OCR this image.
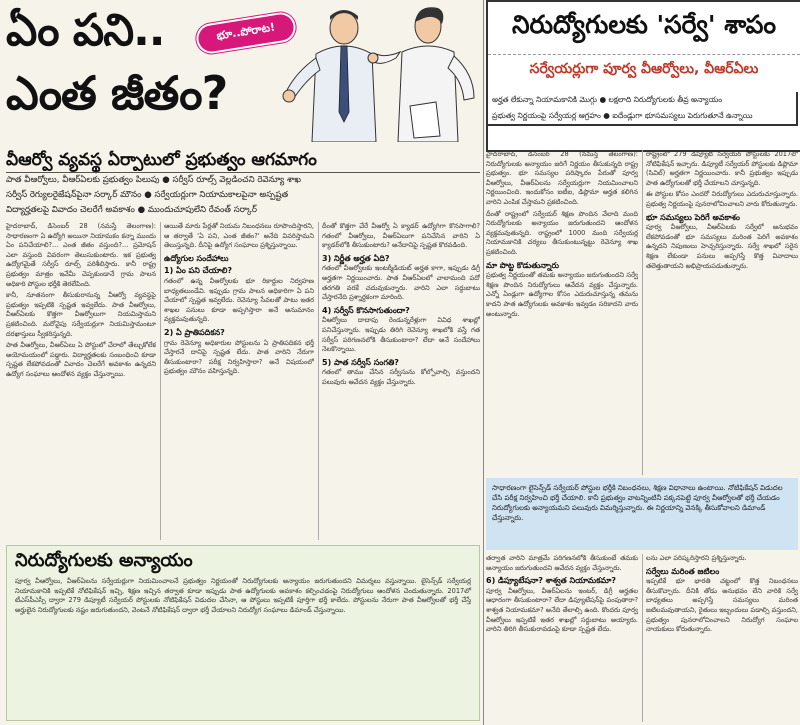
ఏం పని..
ఎంత జీతం?
భూ..పోరాట!
వీఆర్వో వ్యవస్థ ఏర్పాటులో ప్రభుత్వం ఆగమాగం
పాత వీఆర్వోలు, వీఆర్‌ఏలకు ప్రభుత్వం పిలుపు ● సర్వీస్ రూల్స్ వెల్లడించని రెవెన్యూ శాఖ
సర్వీస్ రెగ్యులరైజేషన్‌పైనా సర్కార్ మౌనం ● సర్వేయర్లుగా నియామకాలపైనా అస్పష్టత
విద్యార్హతలపై వివాదం చెలరేగే అవకాశం ● ముందుచూపులేని రేవంత్ సర్కార్

హైదరాబాద్, డిసెంబర్ 28 (నమస్తే తెలంగాణ): సాధారణంగా ఏ ఉద్యోగి అయినా నియామకం కన్నా ముందు ఏం పనిచేయాలి?... ఎంత జీతం వస్తుంది?... ప్రమోషన్ ఎలా వస్తుంది వివరంగా తెలుసుకుంటారు. ఇక ప్రభుత్వ ఉద్యోగమైతే సర్వీస్ రూల్స్ పరిశీలిస్తారు. కానీ రాష్ట్ర ప్రభుత్వం మాత్రం ఇవేమీ చెప్పకుండానే గ్రామ పాలన అధికారి పోస్టుల భర్తీకి తెరలేపింది.

కానీ, నూతనంగా తీసుకురానున్న వీఆర్వో వ్యవస్థపై ప్రభుత్వం ఇప్పటికి స్పష్టత ఇవ్వలేదు. పాత వీఆర్వోలు, వీఆర్‌ఏలకు కొత్తగా వీఆర్వోలుగా నియమిస్తామని ప్రకటించింది. మరోవైపు సర్వేయర్లుగా నియమిస్తామంటూ దరఖాస్తులు స్వీకరిస్తున్నది.

పాత వీఆర్వోలు, వీఆర్‌ఏలు ఏ పోస్టులో చేరాలో తేల్చుకోలేక అయోమయంలో పడ్డారు. విద్యార్హతలకు సంబంధించి కూడా స్పష్టత లేకపోవడంతో వివాదం చెలరేగే అవకాశం ఉన్నదని ఉద్యోగ సంఘాలు ఆందోళన వ్యక్తం చేస్తున్నాయి.

ఆయితే మారు పేర్లతో నియమ నిబంధనలు రూపొందిస్తారని, ఆ తర్వాతే 'ఏ పని, ఎంత జీతం?' అనేది వివరిస్తామని తెలుస్తున్నది. దీనిపై ఉద్యోగ సంఘాలు ప్రశ్నిస్తున్నాయి.

ఉద్యోగుల సందేహాలు
1) ఏం పని చేయాలి?

గతంలో ఉన్న వీఆర్వోలకు భూ రికార్డుల నిర్వహణ బాధ్యతలుండేవి. ఇప్పుడు గ్రామ పాలన అధికారిగా ఏ పని చేయాలో స్పష్టత ఇవ్వలేదు. రెవెన్యూ సేవలతో పాటు ఇతర శాఖల పనులు కూడా అప్పగిస్తారా అనే అనుమానం వ్యక్తమవుతున్నది.

2) ఏ ప్రాతిపదికన?

గ్రామ రెవెన్యూ అధికారుల పోస్టులను ఏ ప్రాతిపదికన భర్తీ చేస్తారనే దానిపై స్పష్టత లేదు. పాత వారిని నేరుగా తీసుకుంటారా? పరీక్ష నిర్వహిస్తారా? అనే విషయంలో ప్రభుత్వం మౌనం వహిస్తున్నది.

దీంతో కొత్తగా చేరే వీఆర్వో ఏ క్యాడర్ ఉద్యోగిగా కొనసాగాలి? గతంలో వీఆర్వోలు, వీఆర్‌ఏలుగా పనిచేసిన వారిని ఏ క్యాడర్‌లోకి తీసుకుంటారు? అనేదానిపై స్పష్టత కొరవడింది.

3) నిర్ణీత అర్హత ఏది?

గతంలో వీఆర్వోలకు ఇంటర్మీడియట్ అర్హత కాగా, ఇప్పుడు డిగ్రీ అర్హతగా నిర్ణయించారు. పాత వీఆర్‌ఏలలో చాలామంది పదో తరగతి వరకే చదువుకున్నారు. వారిని ఎలా సర్దుబాటు చేస్తారనేది ప్రశ్నార్థకంగా మారింది.

4) సర్వీస్ కొనసాగుతుందా?

వీఆర్వోలు దాదాపు రెండున్నరేళ్లుగా వివిధ శాఖల్లో పనిచేస్తున్నారు. ఇప్పుడు తిరిగి రెవెన్యూ శాఖలోకి వస్తే గత సర్వీస్ పరిగణనలోకి తీసుకుంటారా? లేదా అనే సందేహాలు నెలకొన్నాయి.

5) పాత సర్వీస్ సంగతి?

గతంలో తాము చేసిన సర్వీసును కోల్పోవాల్సి వస్తుందని పలువురు ఆవేదన వ్యక్తం చేస్తున్నారు.

నిరుద్యోగులకు అన్యాయం
పూర్వ వీఆర్వోలు, వీఆర్‌ఏలను సర్వేయర్లుగా నియమించాలనే ప్రభుత్వం నిర్ణయంతో నిరుద్యోగులకు అన్యాయం జరుగుతుందని విమర్శలు వస్తున్నాయి. లైసెన్స్‌డ్ సర్వేయర్ల నియామకానికి ఇప్పటికే నోటిఫికేషన్ ఇచ్చి, శిక్షణ ఇచ్చిన తర్వాత కూడా ఇప్పుడు పాత ఉద్యోగులకు అవకాశం కల్పించడంపై నిరుద్యోగులు ఆందోళన చెందుతున్నారు. 2017లో టీఎస్‌పీఎస్సీ ద్వారా 279 డిప్యూటీ సర్వేయర్ పోస్టులకు నోటిఫికేషన్ విడుదల చేసినా, ఆ పోస్టులు ఇప్పటికీ పూర్తిగా భర్తీ కాలేదు. పోస్టులను నేరుగా పాత వీఆర్వోలతో భర్తీ చేస్తే అర్హులైన నిరుద్యోగులకు నష్టం జరుగుతుందని, వెంటనే నోటిఫికేషన్ ద్వారా భర్తీ చేయాలని నిరుద్యోగ సంఘాలు డిమాండ్ చేస్తున్నాయి.
నిరుద్యోగులకు 'సర్వే' శాపం
సర్వేయర్లుగా పూర్వ వీఆర్వోలు, వీఆర్‌ఏలు
అర్హత లేకున్నా నియామకానికి మొగ్గు ● లక్షలాది నిరుద్యోగులకు తీవ్ర అన్యాయం
ప్రభుత్వ నిర్ణయంపై సర్వేయర్ల ఆగ్రహం ● ఐదేండ్లుగా భూసమస్యలు పెరుగుతూనే ఉన్నాయి

హైదరాబాద్, డిసెంబర్ 28 (నమస్తే తెలంగాణ): నిరుద్యోగులకు అన్యాయం జరిగే నిర్ణయం తీసుకున్నది రాష్ట్ర ప్రభుత్వం. భూ సమస్యల పరిష్కారం పేరుతో పూర్వ వీఆర్వోలు, వీఆర్‌ఏలను సర్వేయర్లుగా నియమించాలని నిర్ణయించింది. ఇందుకోసం ఐటీఐ, డిప్లొమా అర్హత కలిగిన వారిని ఎంపిక చేస్తామని ప్రకటించింది.

దీంతో రాష్ట్రంలో సర్వేయర్ శిక్షణ పొందిన వేలాది మంది నిరుద్యోగులకు అన్యాయం జరుగుతుందని ఆందోళన వ్యక్తమవుతున్నది. రాష్ట్రంలో 1000 మంది సర్వేయర్ల నియామకానికి చర్యలు తీసుకుంటున్నట్టు రెవెన్యూ శాఖ ప్రకటించింది.

మా పొట్ట కొడుతున్నారు

ప్రభుత్వ నిర్ణయంతో తమకు అన్యాయం జరుగుతుందని సర్వే శిక్షణ పొందిన నిరుద్యోగులు ఆవేదన వ్యక్తం చేస్తున్నారు. ఎన్నో ఏండ్లుగా ఉద్యోగాల కోసం ఎదురుచూస్తున్న తమను కాదని పాత ఉద్యోగులకు అవకాశం ఇవ్వడం సరికాదని వారు అంటున్నారు.

రాష్ట్రంలో 279 డిప్యూటీ సర్వేయర్ పోస్టులకు 2017లో నోటిఫికేషన్ ఇచ్చారు. డిప్యూటీ సర్వేయర్ పోస్టులకు డిప్లొమా (సివిల్) అర్హతగా నిర్ణయించారు. కానీ ప్రభుత్వం ఇప్పుడు పాత ఉద్యోగులతో భర్తీ చేయాలని చూస్తున్నది.

ఈ పోస్టుల కోసం ఎందరో నిరుద్యోగులు ఎదురుచూస్తున్నారు. ప్రభుత్వ నిర్ణయంపై పునరాలోచించాలని వారు కోరుతున్నారు.

భూ సమస్యలు పెరిగే అవకాశం

పూర్వ వీఆర్వోలు, వీఆర్‌ఏలకు సర్వేలో అనుభవం లేకపోవడంతో భూ సమస్యలు మరింత పెరిగే అవకాశం ఉన్నదని నిపుణులు హెచ్చరిస్తున్నారు. సర్వే శాఖలో సరైన శిక్షణ లేకుండా పనులు అప్పగిస్తే కొత్త వివాదాలు తలెత్తుతాయని అభిప్రాయపడుతున్నారు.

సాధారణంగా లైసెన్స్‌డ్ సర్వేయర్ పోస్టుల భర్తీకి నిబంధనలు, శిక్షణ విధానాలు ఉంటాయి. నోటిఫికేషన్ విడుదల చేసి పరీక్ష నిర్వహించి భర్తీ చేయాలి. కానీ ప్రభుత్వం వాటన్నింటినీ పక్కనపెట్టి పూర్వ వీఆర్వోలతో భర్తీ చేయడం నిరుద్యోగులకు అన్యాయమని పలువురు విమర్శిస్తున్నారు. ఈ నిర్ణయాన్ని వెనక్కి తీసుకోవాలని డిమాండ్ చేస్తున్నారు.

తర్వాత వారిని మాత్రమే పరిగణనలోకి తీసుకుంటే తమకు అన్యాయం జరుగుతుందని ఆవేదన వ్యక్తం చేస్తున్నారు.

6) డిప్యూటేషనా? శాశ్వత నియామకమా?

పూర్వ వీఆర్వోలు, వీఆర్‌ఏలను ఇంటర్, డిగ్రీ అర్హతల ఆధారంగా తీసుకుంటారా? లేదా డిప్యూటేషన్‌పై పంపుతారా? శాశ్వత నియామకమా? అనేది తేలాల్సి ఉంది. కొందరు పూర్వ వీఆర్వోలు ఇప్పటికే ఇతర శాఖల్లో సర్దుబాటు అయ్యారు. వారిని తిరిగి తీసుకురావడంపై కూడా స్పష్టత లేదు.

లను ఎలా పరిష్కరిస్తారని ప్రశ్నిస్తున్నారు.

సర్వేలు మరింత జటిలం

ఇప్పటికే భూ భారతి చట్టంలో కొత్త నిబంధనలు తీసుకొచ్చారు. దీనికి తోడు అనుభవం లేని వారికి సర్వే బాధ్యతలు అప్పగిస్తే సమస్యలు మరింత జటిలమవుతాయని, రైతులు ఇబ్బందులు పడాల్సి వస్తుందని, ప్రభుత్వం పునరాలోచించాలని నిరుద్యోగ సంఘాల నాయకులు కోరుతున్నారు.
